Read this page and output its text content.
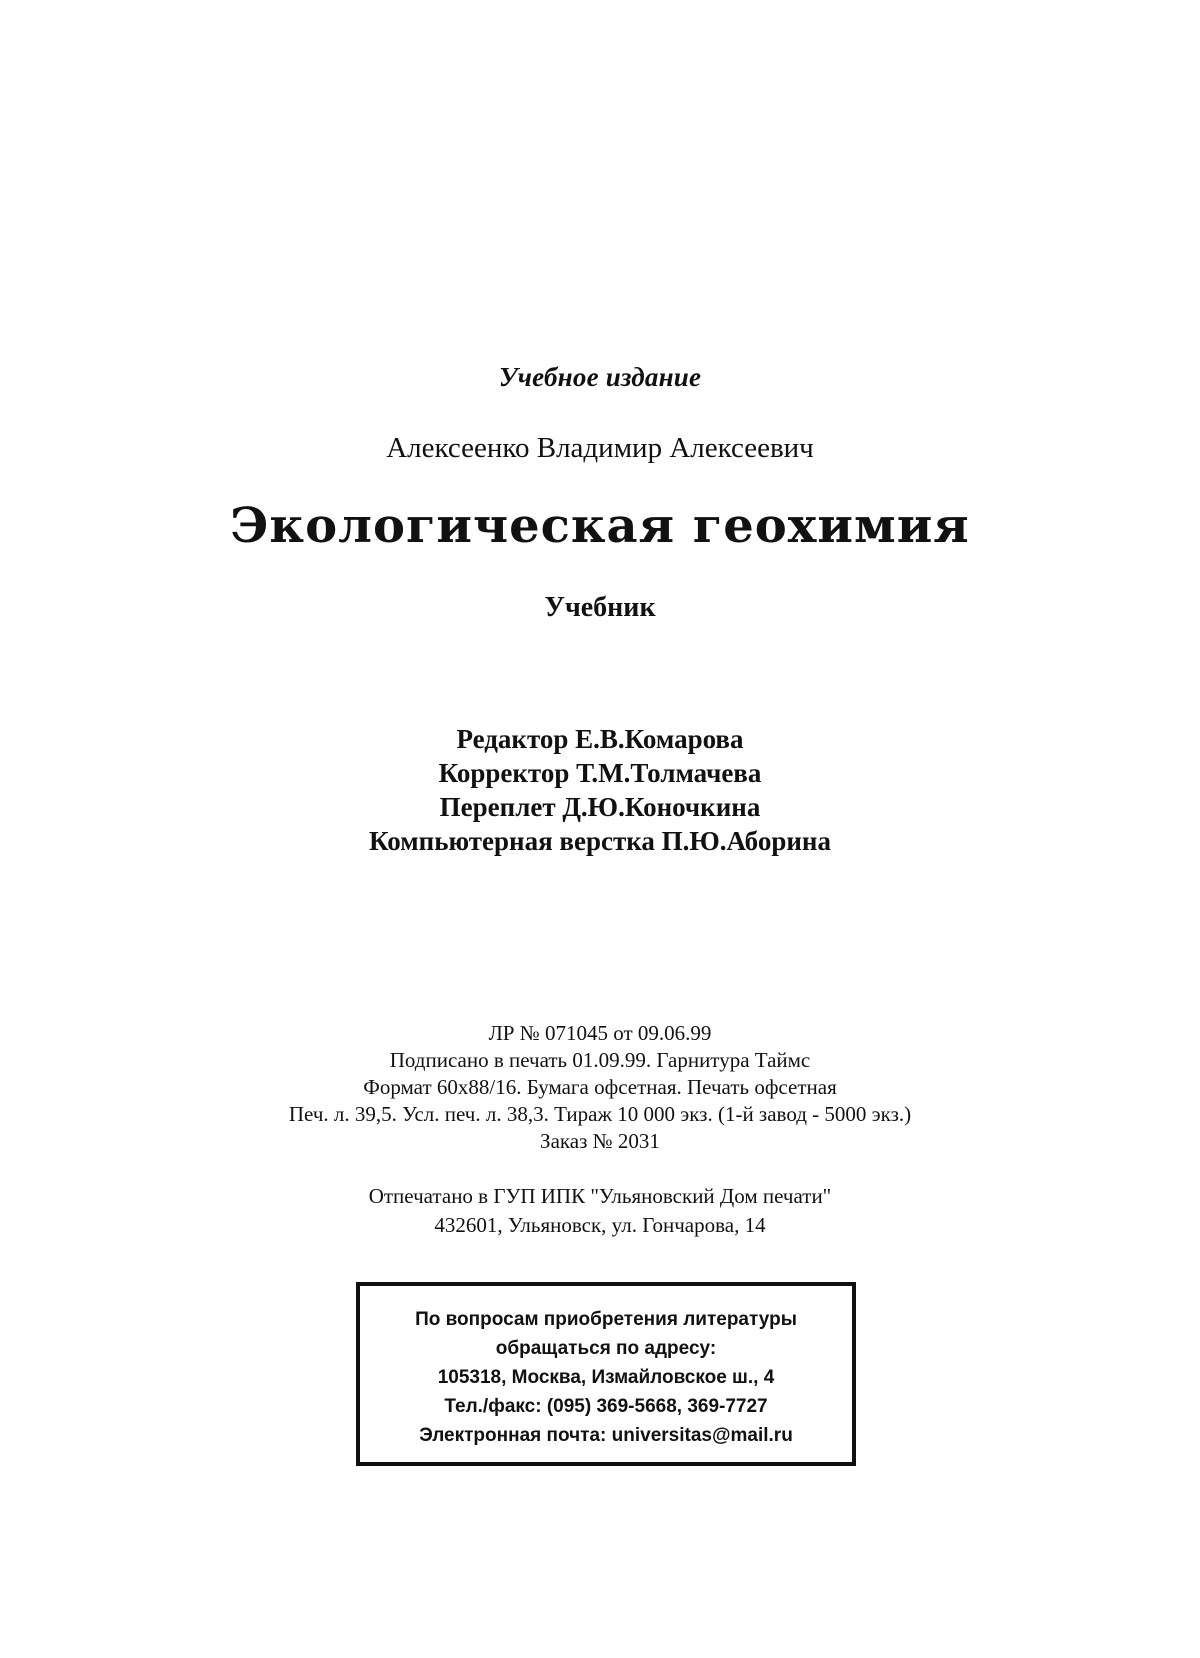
Учебное издание
Алексеенко Владимир Алексеевич
Экологическая геохимия
Учебник
Редактор Е.В.Комарова
Корректор Т.М.Толмачева
Переплет Д.Ю.Коночкина
Компьютерная верстка П.Ю.Аборина
ЛР № 071045 от 09.06.99
Подписано в печать 01.09.99. Гарнитура Таймс
Формат 60x88/16. Бумага офсетная. Печать офсетная
Печ. л. 39,5. Усл. печ. л. 38,3. Тираж 10 000 экз. (1-й завод - 5000 экз.)
Заказ № 2031
Отпечатано в ГУП ИПК "Ульяновский Дом печати"
432601, Ульяновск, ул. Гончарова, 14
По вопросам приобретения литературы
обращаться по адресу:
105318, Москва, Измайловское ш., 4
Тел./факс: (095) 369-5668, 369-7727
Электронная почта: universitas@mail.ru
